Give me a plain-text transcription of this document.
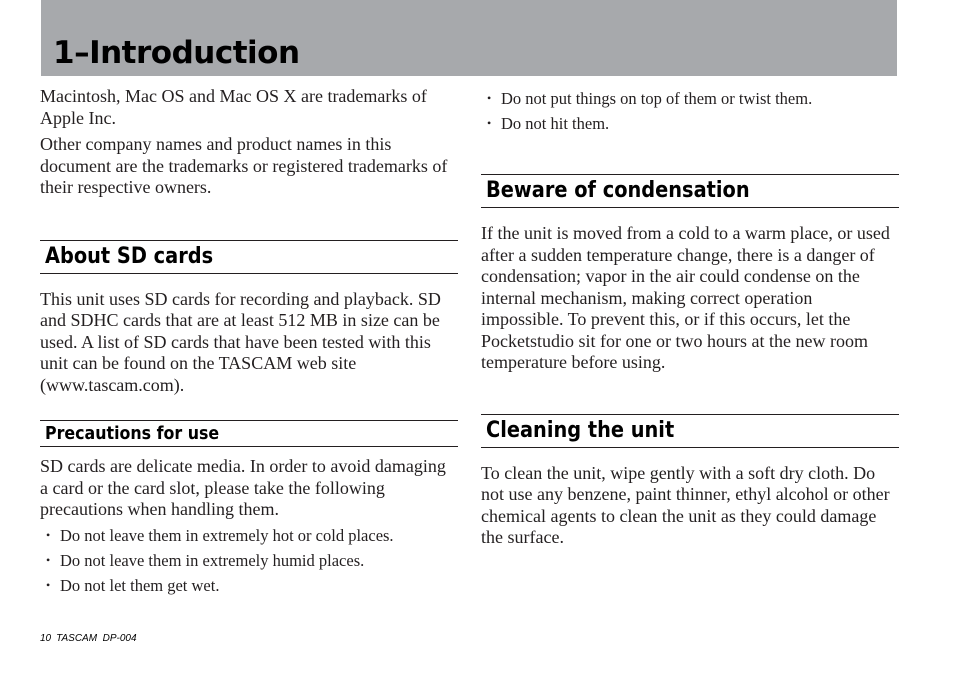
1–Introduction

Macintosh, Mac OS and Mac OS X are trademarks of Apple Inc.

Other company names and product names in this document are the trademarks or registered trademarks of their respective owners.

About SD cards

This unit uses SD cards for recording and playback. SD and SDHC cards that are at least 512 MB in size can be used. A list of SD cards that have been tested with this unit can be found on the TASCAM web site (www.tascam.com).

Precautions for use

SD cards are delicate media. In order to avoid damaging a card or the card slot, please take the following precautions when handling them.

• Do not leave them in extremely hot or cold places.
• Do not leave them in extremely humid places.
• Do not let them get wet.
• Do not put things on top of them or twist them.
• Do not hit them.
Beware of condensation

If the unit is moved from a cold to a warm place, or used after a sudden temperature change, there is a danger of condensation; vapor in the air could condense on the internal mechanism, making correct operation impossible. To prevent this, or if this occurs, let the Pocketstudio sit for one or two hours at the new room temperature before using.

Cleaning the unit

To clean the unit, wipe gently with a soft dry cloth. Do not use any benzene, paint thinner, ethyl alcohol or other chemical agents to clean the unit as they could damage the surface.

10 TASCAM  DP-004
